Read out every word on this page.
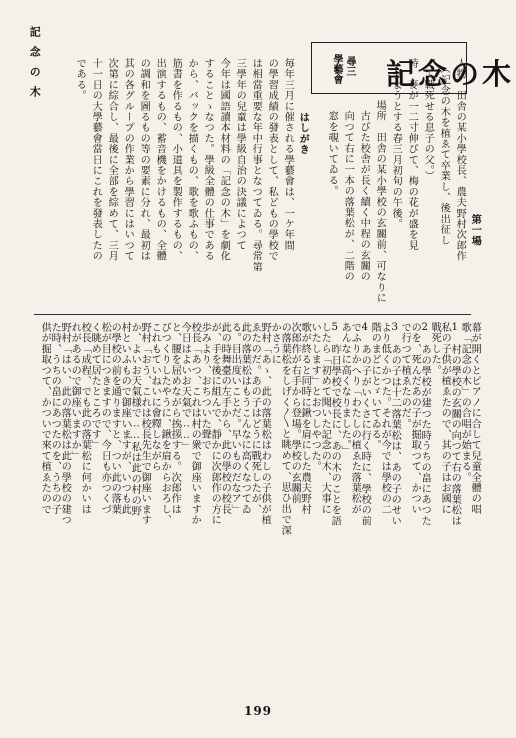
記念の木	尋三
學藝會 記念の木
はしがき
毎年三月に催される學藝會は、一ケ年間
の學習成績の發表として、私どもの學校で
は相當重要な年中行事となつてゐる。尋常第
三學年の兒童は學級自治の決議によつて
今年は國語讀本材料の「記念の木」を劇化
することゝなつた。學級全體の仕事である
から、バックを描くもの、歌を歌ふもの、
筋書を作るもの、小道具を製作するもの、
出演するもの、蓄音機をかけるもの、全體
の調和を圖るもの等の要素に分れ、最初は
其の各グループの作業から學習にはいつて
次第に綜合し、最後に全部を綜めて、三月
十一日の大學藝會當日にこれを發表したの
である。
第一場
人物　田舎の某小學校長、農夫野村次郎作
　（記念の木を植ゑて卒業し、後出征し
　て戰死せる息子の父。）
時　麥が一二寸伸びて、梅の花が盛を見
　せようとする春三月初旬の午後。
場所　田舎の某小學校の玄關前、可なりに
　古びた校舎が長く續く中程の玄關の
　向つて右に一本の落葉松が、二階の
　窓を覗いてゐる。
幕が開くとピアノに合して兒童全體の唱
歌「記念の木」の合唱が始まる。
1　村の學校の玄關の向つて右の落葉松は
私の子供が植ゑたので、其の子はお國に
戰死した。
2　あの學校が建つた時うちの畠にあつた
のを、死んだあの子が掘取つて、かつい
で行つて植ゑたのだ。
3　あの子は十二落葉松は、あの子のせい
より低くかつた。それが今では學校の二
階のまどにとゞいてゐる。
4　あの子がいくさに行く時に、學校の前
でふりかへり「わたしの植ゑた落葉松が
あんなに高くなりました。」
5　昨日學校で校長に、あの木のことを語
したら「初めて聞いた記念の木、大事に
いたします」とおつしやつた。
歌が終ると同時に鍬を肩にした農夫野村
次郎作が右手から登場。學校の玄關前
の落葉松をしげく〳〵と眺めて、思ひ出で深
かさうに
野村「あゝ、此の落葉松はわしの子供が植
ゑたのだ。あの子はどうに戰死したが、
此の落葉松はもうこんなに高くなつてゐ
る。目出度いことだ。早いものだなア」
此の時舞臺の左手から、此の學校の校長
が、手を後に組んで、靜かに次郎作の方に
歩みより、おちついた聲で
校長「あつ、これは村の衆で御座いますか
今日はよいお天氣で……」
と、腰を屈めながら挨拶する。次郎作は
びつくりしたやうに、鍬を肩からおろし、
これもていねいに會釋しながら
野村「おう、これは校長先生で御座います
か、よいお天氣様で……私は此の村の野
村といふもので御座いますが、いつも此
の學校の前を通りますと、つい此の落葉
松が目につきますので、今日も亦つくづ
く眺めて居たところです」
校長「成程、でも此の落葉松に何かいは
れがあるので御座いますか」
野村「はい、此の落葉松は此の學校の建つ
た時、うちの畠にあつたのを、うちの子
供が掘取つて、かついで來て植ゑたので
199
